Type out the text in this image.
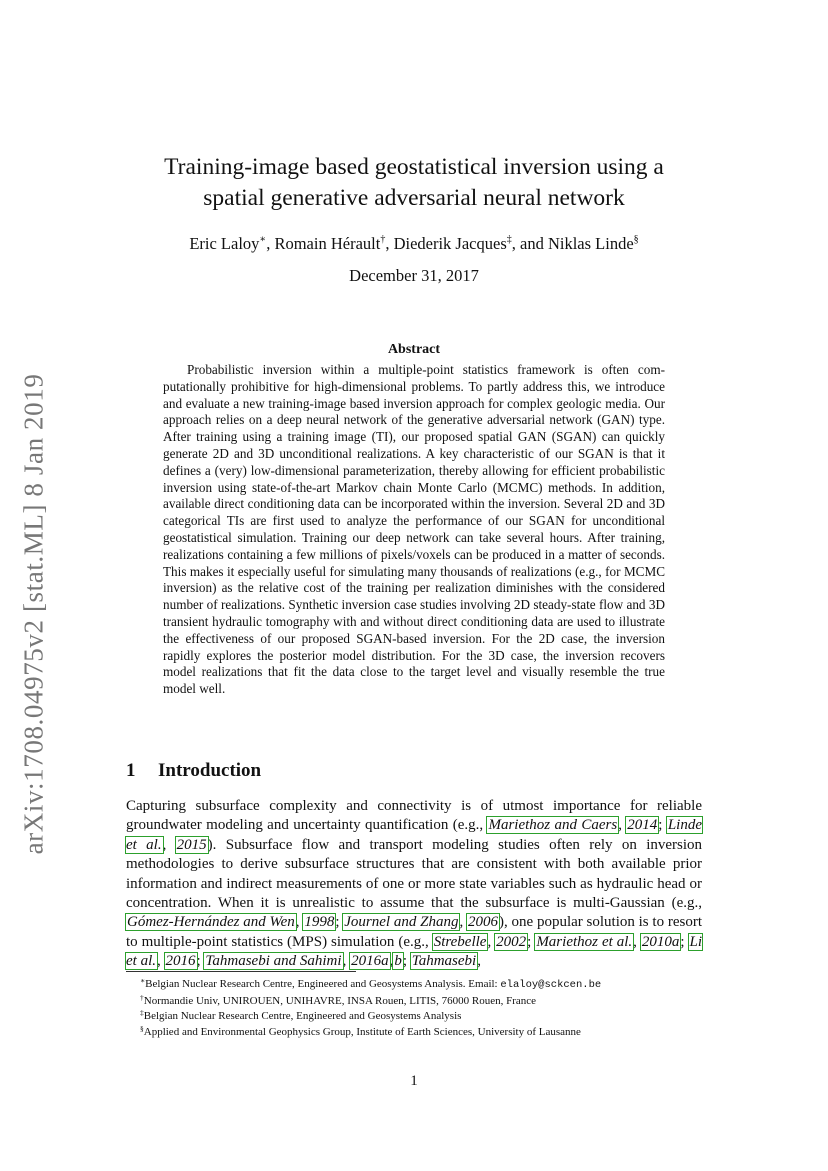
arXiv:1708.04975v2 [stat.ML] 8 Jan 2019
Training-image based geostatistical inversion using a
spatial generative adversarial neural network
Eric Laloy∗, Romain Hérault†, Diederik Jacques‡, and Niklas Linde§
December 31, 2017
Abstract

Probabilistic inversion within a multiple-point statistics framework is often computationally prohibitive for high-dimensional problems. To partly address this, we introduce and evaluate a new training-image based inversion approach for complex geologic media. Our approach relies on a deep neural network of the generative adversarial network (GAN) type. After training using a training image (TI), our proposed spatial GAN (SGAN) can quickly generate 2D and 3D unconditional realizations. A key characteristic of our SGAN is that it defines a (very) low-dimensional parameterization, thereby allowing for efficient probabilistic inversion using state-of-the-art Markov chain Monte Carlo (MCMC) methods. In addition, available direct conditioning data can be incorporated within the inversion. Several 2D and 3D categorical TIs are first used to analyze the performance of our SGAN for unconditional geostatistical simulation. Training our deep network can take several hours. After training, realizations containing a few millions of pixels/voxels can be produced in a matter of seconds. This makes it especially useful for simulating many thousands of realizations (e.g., for MCMC inversion) as the relative cost of the training per realization diminishes with the considered number of realizations. Synthetic inversion case studies involving 2D steady-state flow and 3D transient hydraulic tomography with and without direct conditioning data are used to illustrate the effectiveness of our proposed SGAN-based inversion. For the 2D case, the inversion rapidly explores the posterior model distribution. For the 3D case, the inversion recovers model realizations that fit the data close to the target level and visually resemble the true model well.

1 Introduction

Capturing subsurface complexity and connectivity is of utmost importance for reliable groundwater modeling and uncertainty quantification (e.g., Mariethoz and Caers, 2014; Linde et al., 2015). Subsurface flow and transport modeling studies often rely on inversion methodologies to derive subsurface structures that are consistent with both available prior information and indirect measurements of one or more state variables such as hydraulic head or concentration. When it is unrealistic to assume that the subsurface is multi-Gaussian (e.g., Gómez-Hernández and Wen, 1998; Journel and Zhang, 2006), one popular solution is to resort to multiple-point statistics (MPS) simulation (e.g., Strebelle, 2002; Mariethoz et al., 2010a; Li et al., 2016; Tahmasebi and Sahimi, 2016a,b; Tahmasebi,

∗Belgian Nuclear Research Centre, Engineered and Geosystems Analysis. Email: elaloy@sckcen.be
†Normandie Univ, UNIROUEN, UNIHAVRE, INSA Rouen, LITIS, 76000 Rouen, France
‡Belgian Nuclear Research Centre, Engineered and Geosystems Analysis
§Applied and Environmental Geophysics Group, Institute of Earth Sciences, University of Lausanne
1
